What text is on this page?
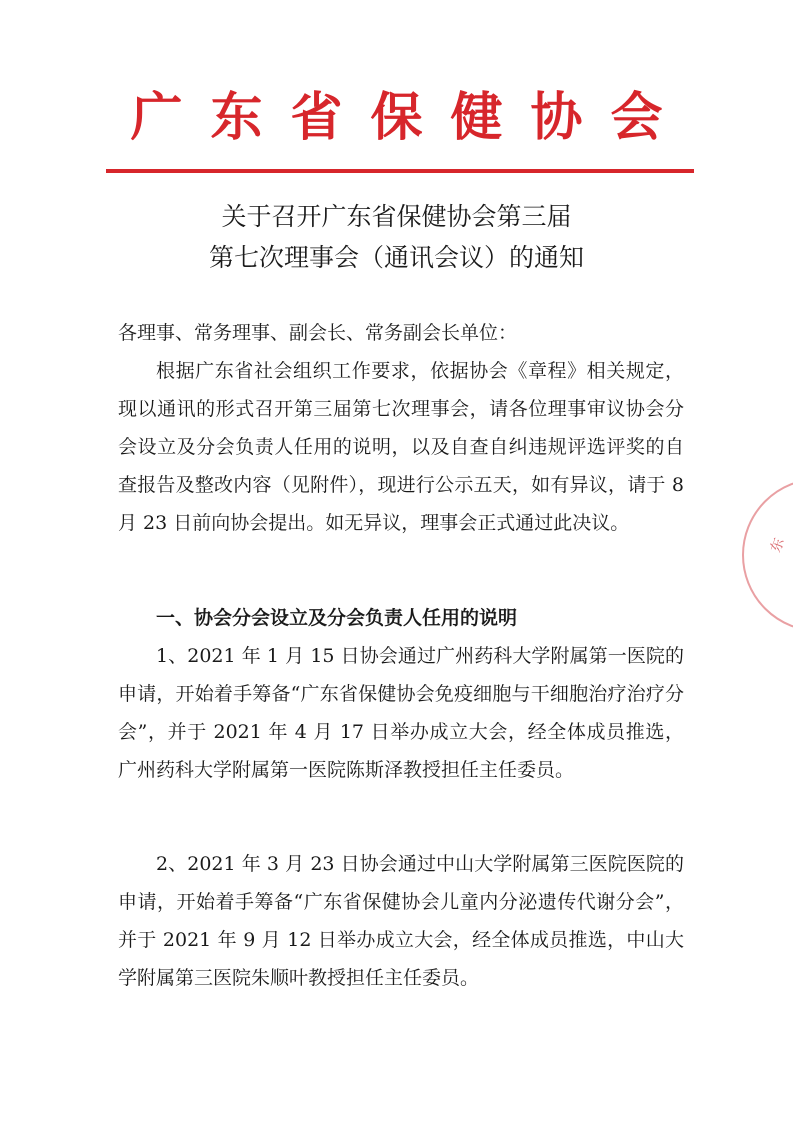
广东省保健协会
关于召开广东省保健协会第三届
第七次理事会（通讯会议）的通知
各理事、常务理事、副会长、常务副会长单位：

根据广东省社会组织工作要求，依据协会《章程》相关规定，现以通讯的形式召开第三届第七次理事会，请各位理事审议协会分会设立及分会负责人任用的说明，以及自查自纠违规评选评奖的自查报告及整改内容（见附件），现进行公示五天，如有异议，请于 8 月 23 日前向协会提出。如无异议，理事会正式通过此决议。

一、协会分会设立及分会负责人任用的说明

1、2021 年 1 月 15 日协会通过广州药科大学附属第一医院的申请，开始着手筹备“广东省保健协会免疫细胞与干细胞治疗治疗分会”，并于 2021 年 4 月 17 日举办成立大会，经全体成员推选，广州药科大学附属第一医院陈斯泽教授担任主任委员。

2、2021 年 3 月 23 日协会通过中山大学附属第三医院医院的申请，开始着手筹备“广东省保健协会儿童内分泌遗传代谢分会”，并于 2021 年 9 月 12 日举办成立大会，经全体成员推选，中山大学附属第三医院朱顺叶教授担任主任委员。

东
